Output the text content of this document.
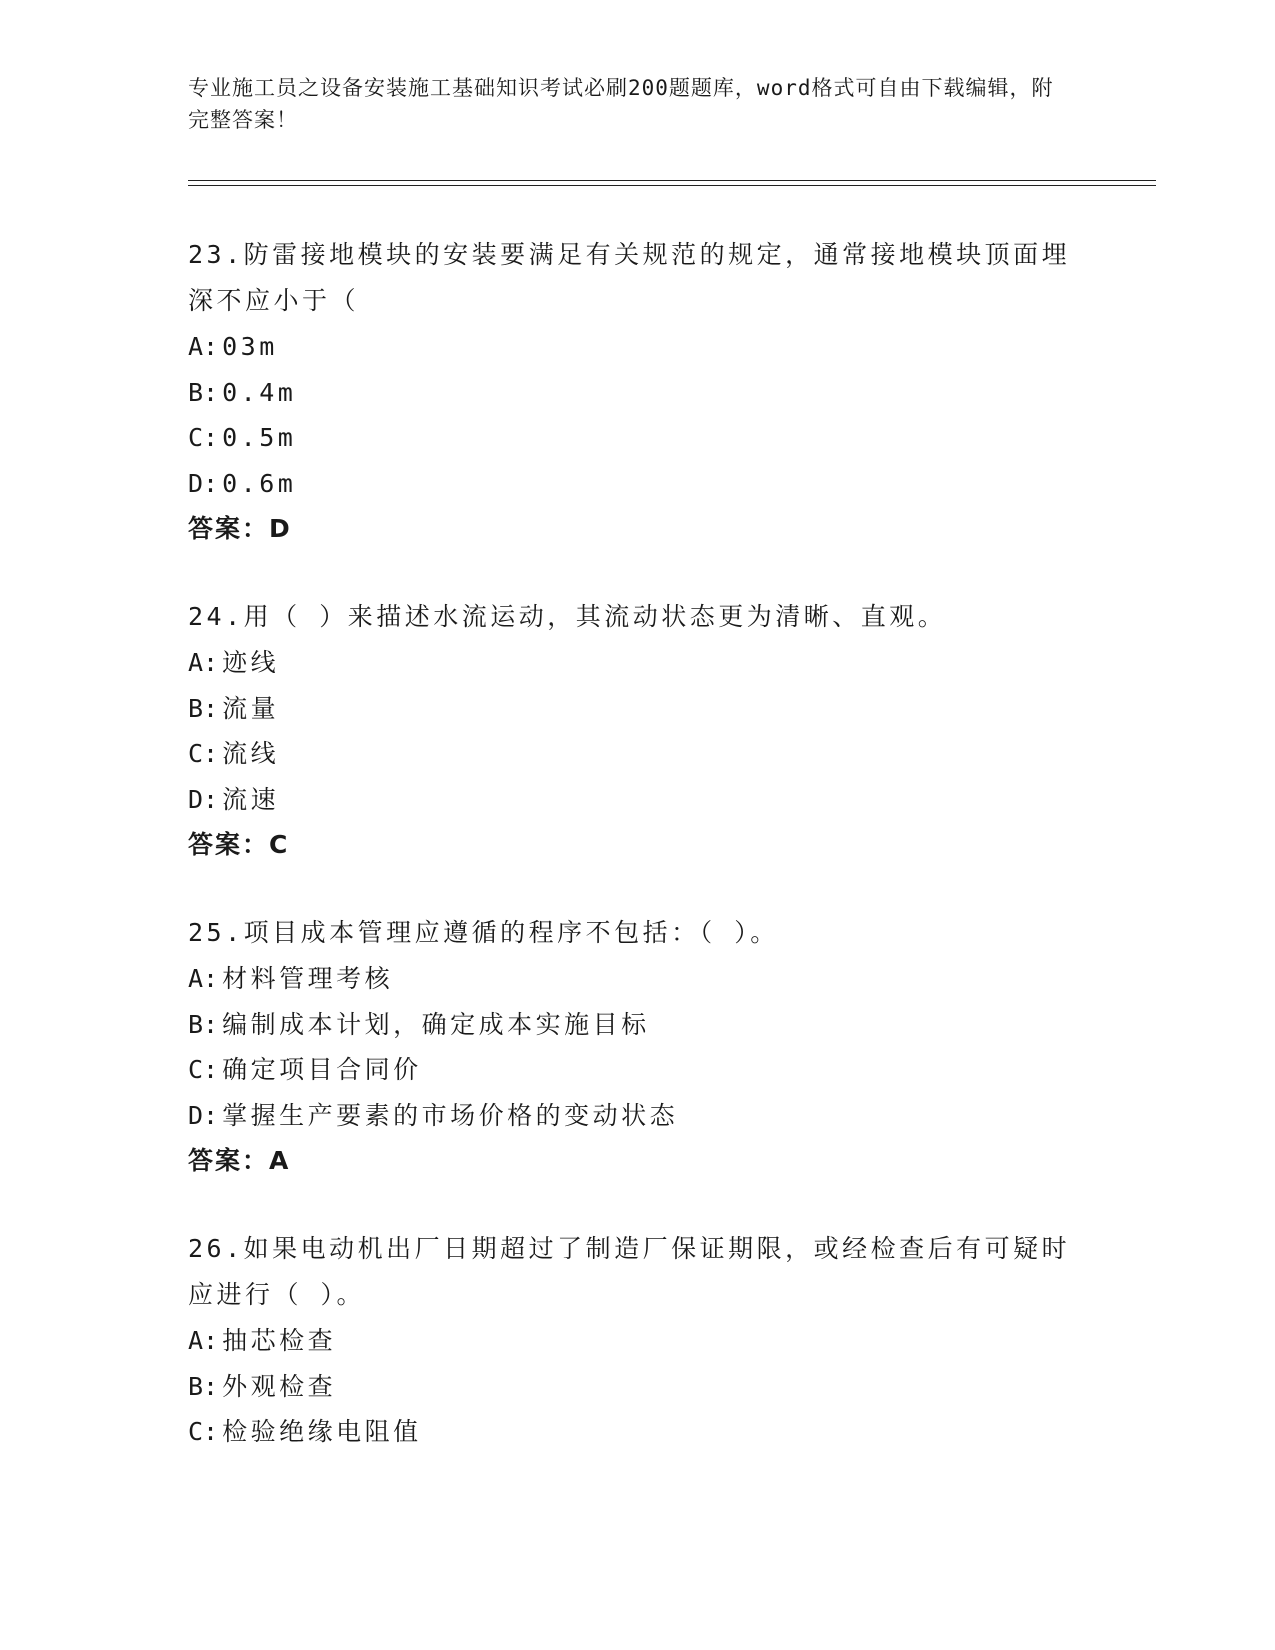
专业施工员之设备安装施工基础知识考试必刷200题题库，word格式可自由下载编辑，附完整答案！
23.防雷接地模块的安装要满足有关规范的规定，通常接地模块顶面埋深不应小于（
A: 03m
B: 0.4m
C: 0.5m
D: 0.6m
答案：D
24.用（ ）来描述水流运动，其流动状态更为清晰、直观。
A: 迹线
B: 流量
C: 流线
D: 流速
答案：C
25.项目成本管理应遵循的程序不包括：（ ）。
A: 材料管理考核
B: 编制成本计划，确定成本实施目标
C: 确定项目合同价
D: 掌握生产要素的市场价格的变动状态
答案：A
26.如果电动机出厂日期超过了制造厂保证期限，或经检查后有可疑时应进行（ ）。
A: 抽芯检查
B: 外观检查
C: 检验绝缘电阻值
